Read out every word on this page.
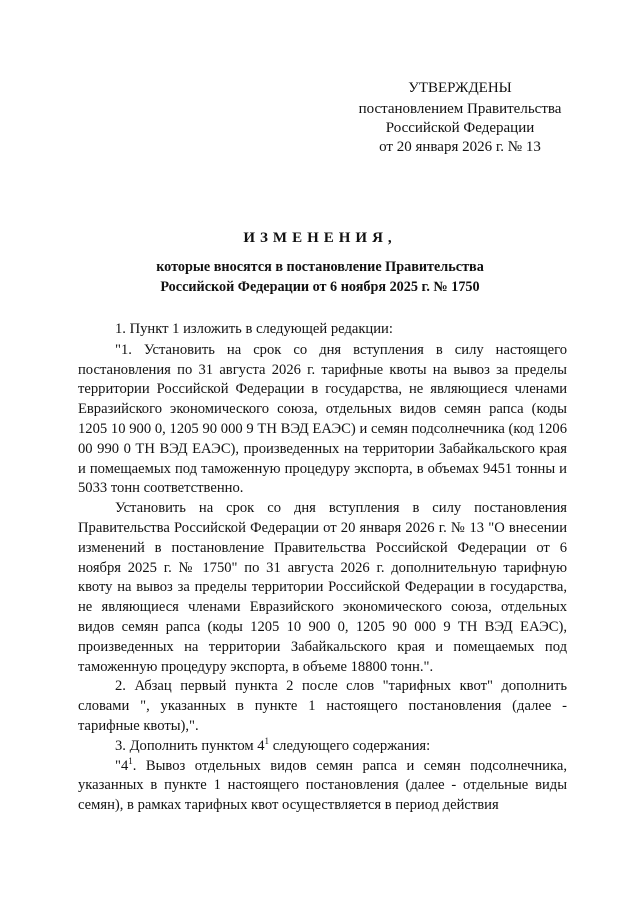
УТВЕРЖДЕНЫ
постановлением Правительства
Российской Федерации
от 20 января 2026 г. № 13
ИЗМЕНЕНИЯ,
которые вносятся в постановление Правительства
Российской Федерации от 6 ноября 2025 г. № 1750

1. Пункт 1 изложить в следующей редакции:

"1. Установить на срок со дня вступления в силу настоящего постановления по 31 августа 2026 г. тарифные квоты на вывоз за пределы территории Российской Федерации в государства, не являющиеся членами Евразийского экономического союза, отдельных видов семян рапса (коды 1205 10 900 0, 1205 90 000 9 ТН ВЭД ЕАЭС) и семян подсолнечника (код 1206 00 990 0 ТН ВЭД ЕАЭС), произведенных на территории Забайкальского края и помещаемых под таможенную процедуру экспорта, в объемах 9451 тонны и 5033 тонн соответственно.

Установить на срок со дня вступления в силу постановления Правительства Российской Федерации от 20 января 2026 г. № 13 "О внесении изменений в постановление Правительства Российской Федерации от 6 ноября 2025 г. № 1750" по 31 августа 2026 г. дополнительную тарифную квоту на вывоз за пределы территории Российской Федерации в государства, не являющиеся членами Евразийского экономического союза, отдельных видов семян рапса (коды 1205 10 900 0, 1205 90 000 9 ТН ВЭД ЕАЭС), произведенных на территории Забайкальского края и помещаемых под таможенную процедуру экспорта, в объеме 18800 тонн.".

2. Абзац первый пункта 2 после слов "тарифных квот" дополнить словами ", указанных в пункте 1 настоящего постановления (далее - тарифные квоты),".

3. Дополнить пунктом $4^1$ следующего содержания:

"$4^1$. Вывоз отдельных видов семян рапса и семян подсолнечника, указанных в пункте 1 настоящего постановления (далее - отдельные виды семян), в рамках тарифных квот осуществляется в период действия
